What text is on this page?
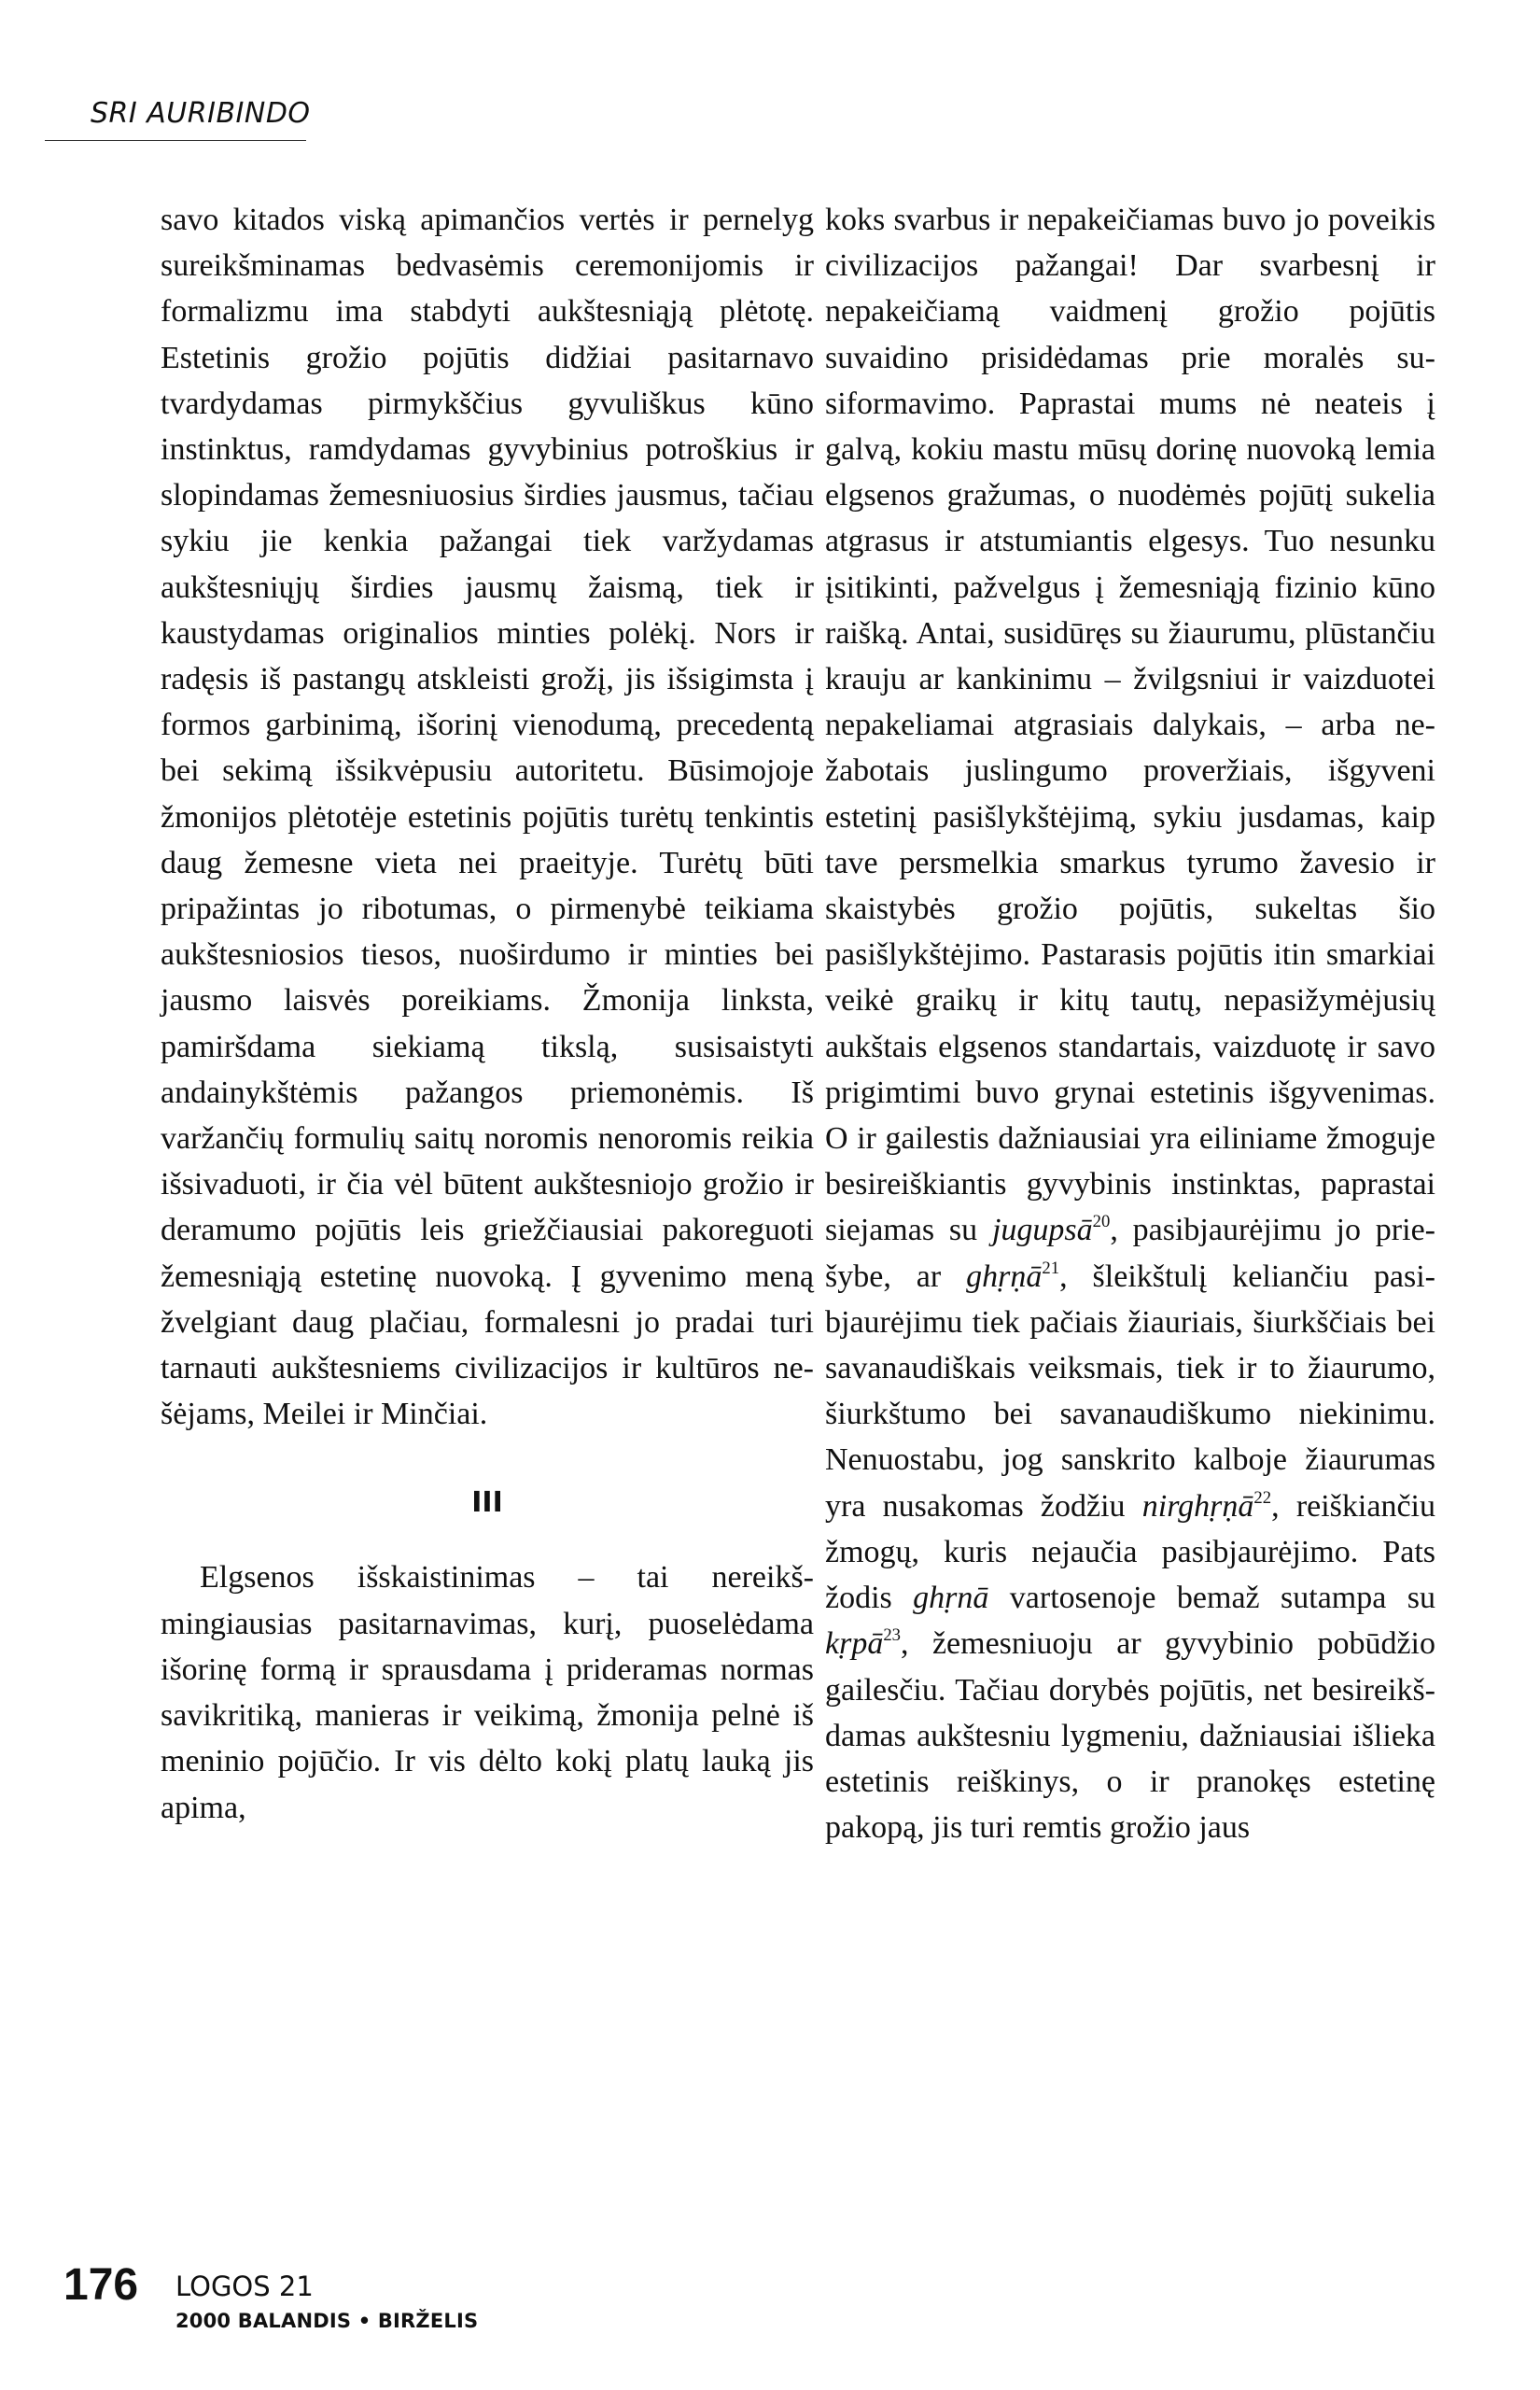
SRI AURIBINDO

savo kitados viską apimančios vertės ir pernelyg sureikšminamas bedvasėmis ceremonijomis ir formalizmu ima stabdyti aukštesniąją plėtotę. Estetinis grožio pojūtis didžiai pasitarnavo tvardydamas pirmykščius gyvuliškus kūno instinktus, ramdydamas gyvybinius potroškius ir slopindamas žemesniuosius širdies jausmus, tačiau sykiu jie kenkia pažangai tiek varžydamas aukštesniųjų širdies jausmų žaismą, tiek ir kaustydamas originalios minties polėkį. Nors ir radęsis iš pastangų atskleisti grožį, jis išsigimsta į formos garbinimą, išorinį vienodumą, precedentą bei sekimą išsikvėpusiu autoritetu. Būsimojoje žmonijos plėtotėje estetinis pojūtis turėtų tenkintis daug žemesne vieta nei praeityje. Turėtų būti pripažintas jo ribotumas, o pirmenybė teikiama aukštesniosios tiesos, nuoširdumo ir minties bei jausmo laisvės poreikiams. Žmonija linksta, pamiršdama siekiamą tikslą, susisaistyti andainykštėmis pažangos priemonėmis. Iš varžančių formulių saitų noromis nenoromis reikia išsivaduoti, ir čia vėl būtent aukštesniojo grožio ir deramumo pojūtis leis griežčiausiai pakoreguoti žemesniąją estetinę nuovoką. Į gyvenimo meną žvelgiant daug plačiau, formalesni jo pradai turi tarnauti aukštesniems civilizacijos ir kultūros nešėjams, Meilei ir Minčiai.

III

Elgsenos išskaistinimas – tai nereikšmingiausias pasitarnavimas, kurį, puoselėdama išorinę formą ir sprausdama į prideramas normas savikritiką, manieras ir veikimą, žmonija pelnė iš meninio pojūčio. Ir vis dėlto kokį platų lauką jis apima,

koks svarbus ir nepakeičiamas buvo jo poveikis civilizacijos pažangai! Dar svarbesnį ir nepakeičiamą vaidmenį grožio pojūtis suvaidino prisidėdamas prie moralės susiformavimo. Paprastai mums nė neateis į galvą, kokiu mastu mūsų dorinę nuovoką lemia elgsenos gražumas, o nuodėmės pojūtį sukelia atgrasus ir atstumiantis elgesys. Tuo nesunku įsitikinti, pažvelgus į žemesniąją fizinio kūno raišką. Antai, susidūręs su žiaurumu, plūstančiu krauju ar kankinimu – žvilgsniui ir vaizduotei nepakeliamai atgrasiais dalykais, – arba nežabotais juslingumo proveržiais, išgyveni estetinį pasišlykštėjimą, sykiu jusdamas, kaip tave persmelkia smarkus tyrumo žavesio ir skaistybės grožio pojūtis, sukeltas šio pasišlykštėjimo. Pastarasis pojūtis itin smarkiai veikė graikų ir kitų tautų, nepasižymėjusių aukštais elgsenos standartais, vaizduotę ir savo prigimtimi buvo grynai estetinis išgyvenimas. O ir gailestis dažniausiai yra eiliniame žmoguje besireiškiantis gyvybinis instinktas, paprastai siejamas su jugupsā$^{20}$, pasibjaurėjimu jo priešybe, ar ghṛṇā$^{21}$, šleikštulį keliančiu pasibjaurėjimu tiek pačiais žiauriais, šiurkščiais bei savanaudiškais veiksmais, tiek ir to žiaurumo, šiurkštumo bei savanaudiškumo niekinimu. Nenuostabu, jog sanskrito kalboje žiaurumas yra nusakomas žodžiu nirghṛṇā$^{22}$, reiškiančiu žmogų, kuris nejaučia pasibjaurėjimo. Pats žodis ghṛnā vartosenoje bemaž sutampa su kṛpā$^{23}$, žemesniuoju ar gyvybinio pobūdžio gailesčiu. Tačiau dorybės pojūtis, net besireikšdamas aukštesniu lygmeniu, dažniausiai išlieka estetinis reiškinys, o ir pranokęs estetinę pakopą, jis turi remtis grožio jaus

176 LOGOS 21
2000 BALANDIS • BIRŽELIS
